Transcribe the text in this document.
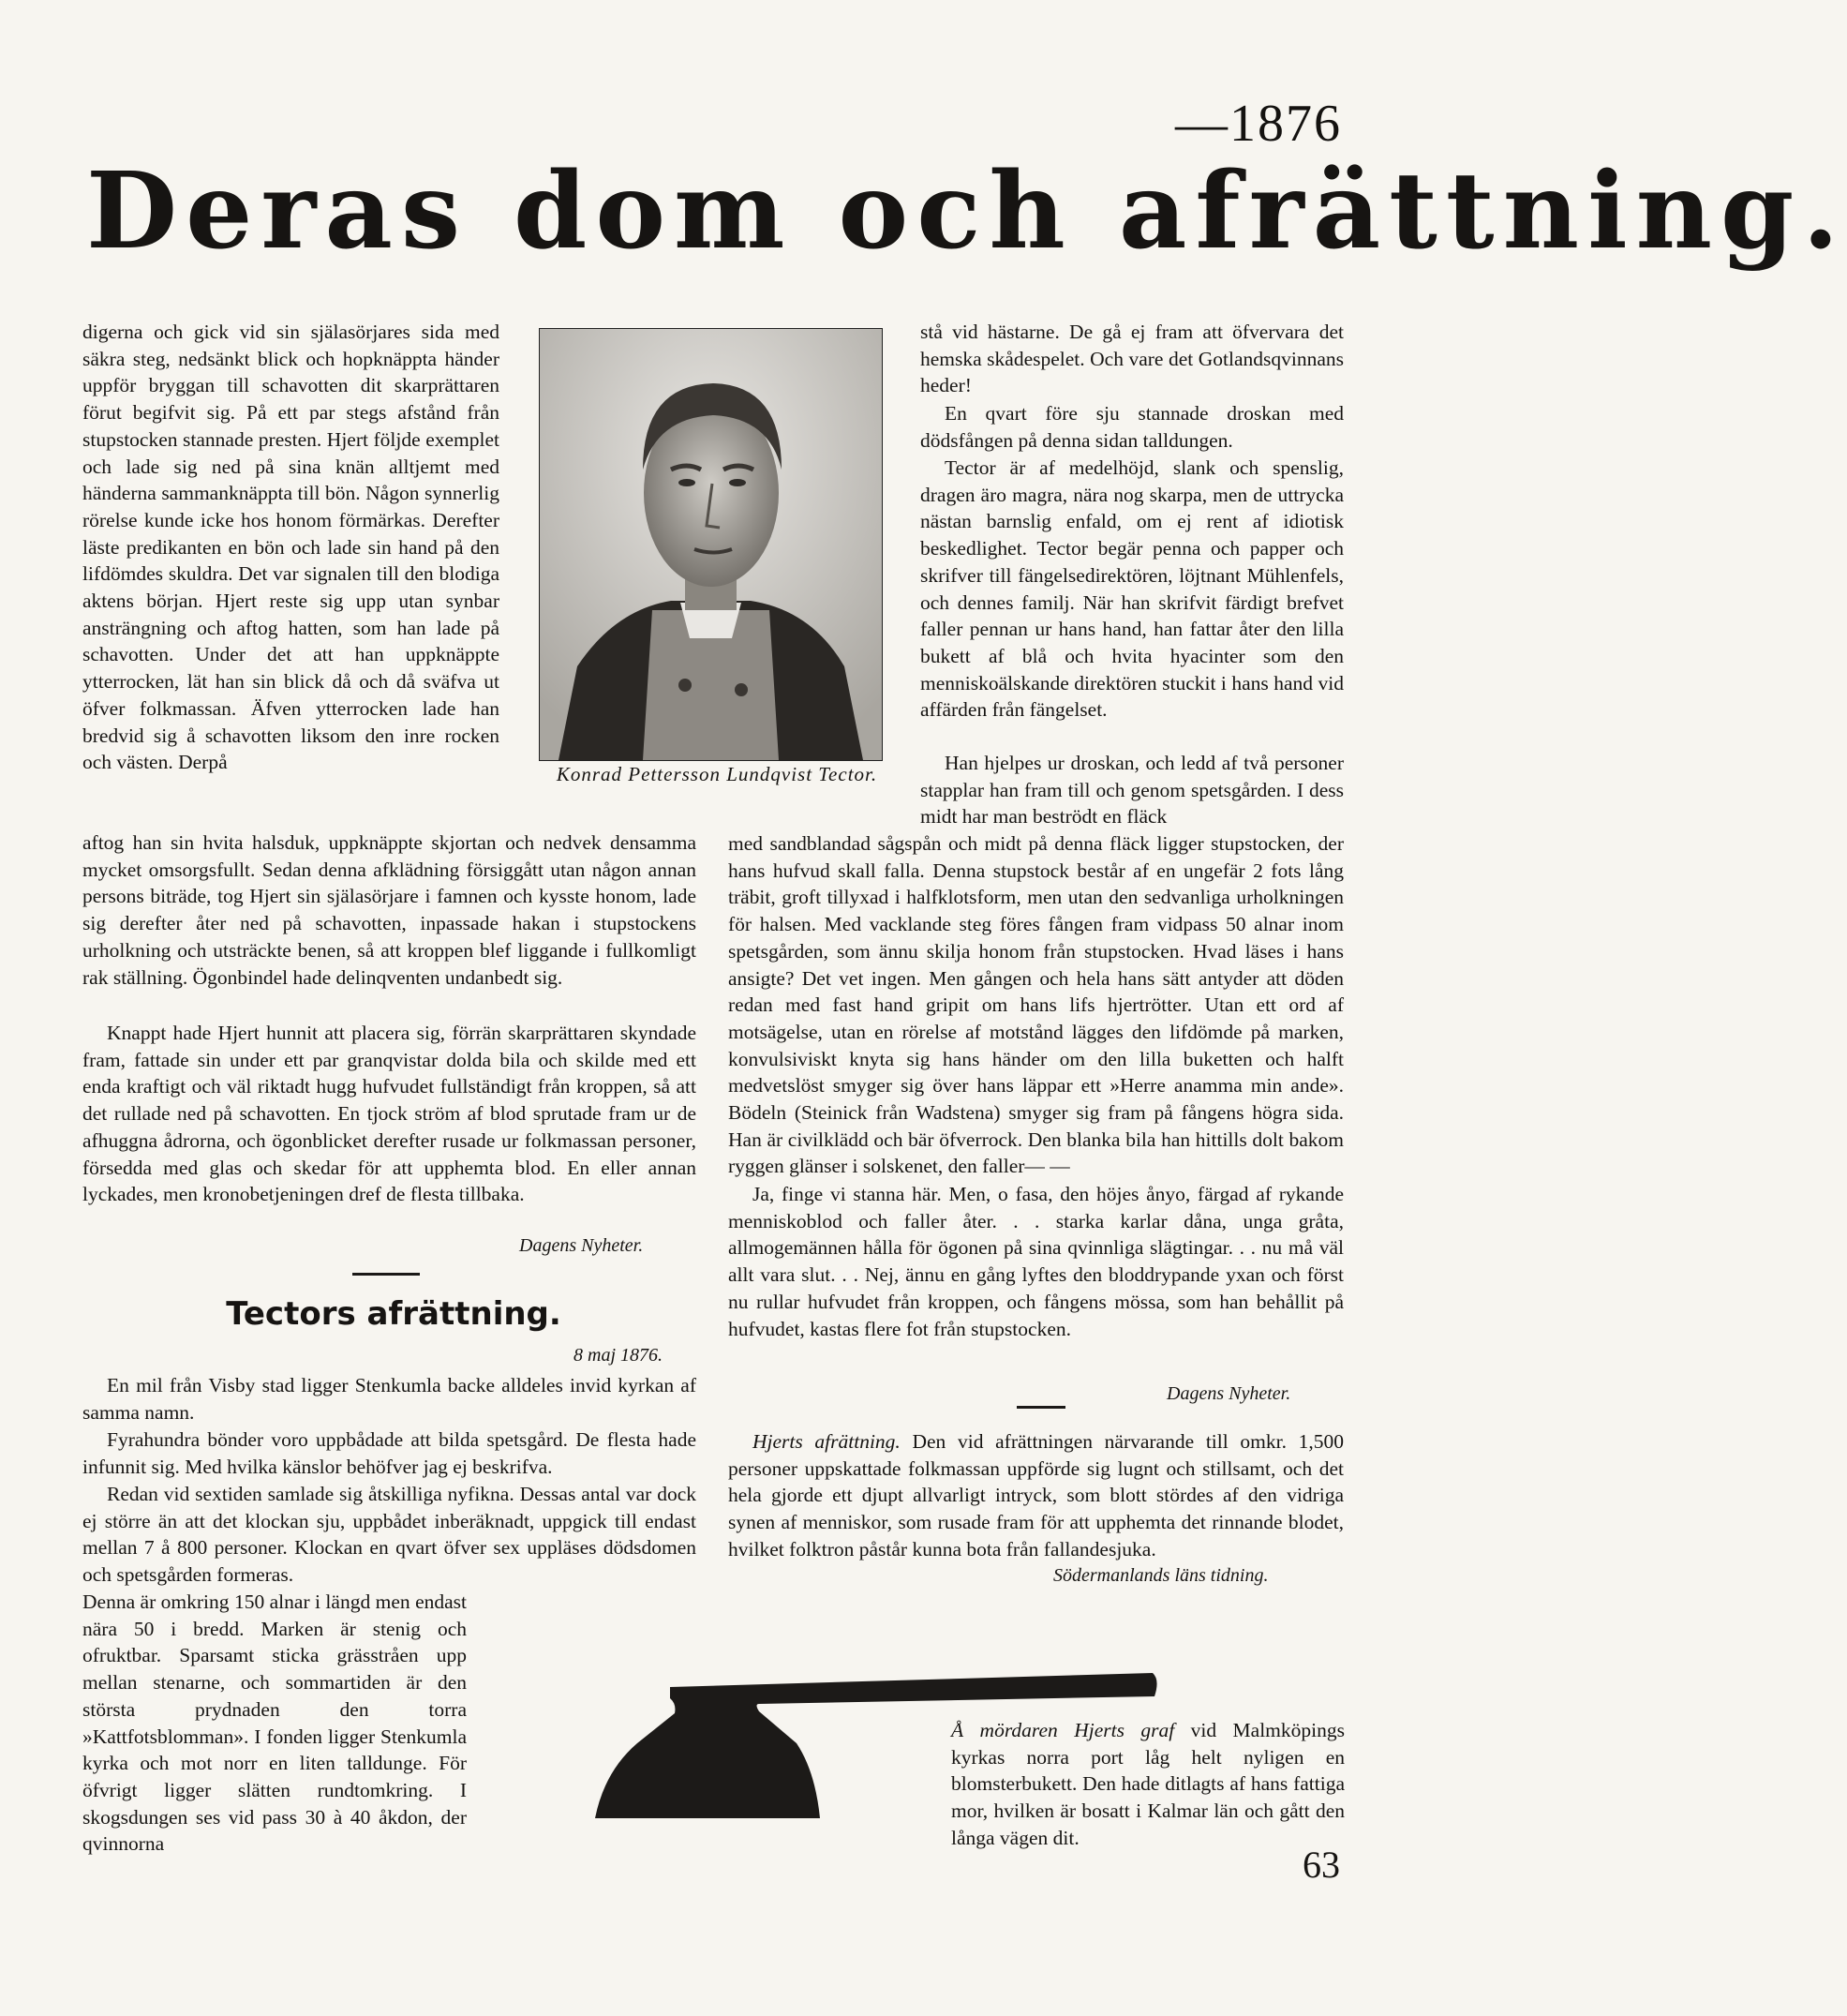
—1876
Deras dom och afrättning.
Konrad Pettersson Lundqvist Tector.

digerna och gick vid sin själasörjares sida med säkra steg, nedsänkt blick och hopknäppta händer uppför bryggan till schavotten dit skarprättaren förut begifvit sig. På ett par stegs afstånd från stupstocken stannade presten. Hjert följde exemplet och lade sig ned på sina knän alltjemt med händerna sammanknäppta till bön. Någon synnerlig rörelse kunde icke hos honom förmärkas. Derefter läste predikanten en bön och lade sin hand på den lifdömdes skuldra. Det var signalen till den blodiga aktens början. Hjert reste sig upp utan synbar ansträngning och aftog hatten, som han lade på schavotten. Under det att han uppknäppte ytterrocken, lät han sin blick då och då sväfva ut öfver folkmassan. Äfven ytterrocken lade han bredvid sig å schavotten liksom den inre rocken och västen. Derpå

aftog han sin hvita halsduk, uppknäppte skjortan och nedvek densamma mycket omsorgsfullt. Sedan denna afklädning försiggått utan någon annan persons biträde, tog Hjert sin själasörjare i famnen och kysste honom, lade sig derefter åter ned på schavotten, inpassade hakan i stupstockens urholkning och utsträckte benen, så att kroppen blef liggande i fullkomligt rak ställning. Ögonbindel hade delinqventen undanbedt sig.

Knappt hade Hjert hunnit att placera sig, förrän skarprättaren skyndade fram, fattade sin under ett par granqvistar dolda bila och skilde med ett enda kraftigt och väl riktadt hugg hufvudet fullständigt från kroppen, så att det rullade ned på schavotten. En tjock ström af blod sprutade fram ur de afhuggna ådrorna, och ögonblicket derefter rusade ur folkmassan personer, försedda med glas och skedar för att upphemta blod. En eller annan lyckades, men kronobetjeningen dref de flesta tillbaka.

Dagens Nyheter.
Tectors afrättning.
8 maj 1876.

En mil från Visby stad ligger Stenkumla backe alldeles invid kyrkan af samma namn.

Fyrahundra bönder voro uppbådade att bilda spetsgård. De flesta hade infunnit sig. Med hvilka känslor behöfver jag ej beskrifva.

Redan vid sextiden samlade sig åtskilliga nyfikna. Dessas antal var dock ej större än att det klockan sju, uppbådet inberäknadt, uppgick till endast mellan 7 å 800 personer. Klockan en qvart öfver sex uppläses dödsdomen och spetsgården formeras.

Denna är omkring 150 alnar i längd men endast nära 50 i bredd. Marken är stenig och ofruktbar. Sparsamt sticka grässtråen upp mellan stenarne, och sommartiden är den största prydnaden den torra »Kattfotsblomman». I fonden ligger Stenkumla kyrka och mot norr en liten talldunge. För öfvrigt ligger slätten rundtomkring. I skogsdungen ses vid pass 30 à 40 åkdon, der qvinnorna

stå vid hästarne. De gå ej fram att öfvervara det hemska skådespelet. Och vare det Gotlandsqvinnans heder!

En qvart före sju stannade droskan med dödsfången på denna sidan talldungen.

Tector är af medelhöjd, slank och spenslig, dragen äro magra, nära nog skarpa, men de uttrycka nästan barnslig enfald, om ej rent af idiotisk beskedlighet. Tector begär penna och papper och skrifver till fängelsedirektören, löjtnant Mühlenfels, och dennes familj. När han skrifvit färdigt brefvet faller pennan ur hans hand, han fattar åter den lilla bukett af blå och hvita hyacinter som den menniskoälskande direktören stuckit i hans hand vid affärden från fängelset.

Han hjelpes ur droskan, och ledd af två personer stapplar han fram till och genom spetsgården. I dess midt har man beströdt en fläck

med sandblandad sågspån och midt på denna fläck ligger stupstocken, der hans hufvud skall falla. Denna stupstock består af en ungefär 2 fots lång träbit, groft tillyxad i halfklotsform, men utan den sedvanliga urholkningen för halsen. Med vacklande steg föres fången fram vidpass 50 alnar inom spetsgården, som ännu skilja honom från stupstocken. Hvad läses i hans ansigte? Det vet ingen. Men gången och hela hans sätt antyder att döden redan med fast hand gripit om hans lifs hjertrötter. Utan ett ord af motsägelse, utan en rörelse af motstånd lägges den lifdömde på marken, konvulsiviskt knyta sig hans händer om den lilla buketten och halft medvetslöst smyger sig över hans läppar ett »Herre anamma min ande». Bödeln (Steinick från Wadstena) smyger sig fram på fångens högra sida. Han är civilklädd och bär öfverrock. Den blanka bila han hittills dolt bakom ryggen glänser i solskenet, den faller— —

Ja, finge vi stanna här. Men, o fasa, den höjes ånyo, färgad af rykande menniskoblod och faller åter. . . starka karlar dåna, unga gråta, allmogemännen hålla för ögonen på sina qvinnliga slägtingar. . . nu må väl allt vara slut. . . Nej, ännu en gång lyftes den bloddrypande yxan och först nu rullar hufvudet från kroppen, och fångens mössa, som han behållit på hufvudet, kastas flere fot från stupstocken.

Dagens Nyheter.

Hjerts afrättning. Den vid afrättningen närvarande till omkr. 1,500 personer uppskattade folkmassan uppförde sig lugnt och stillsamt, och det hela gjorde ett djupt allvarligt intryck, som blott stördes af den vidriga synen af menniskor, som rusade fram för att upphemta det rinnande blodet, hvilket folktron påstår kunna bota från fallandesjuka.

Södermanlands läns tidning.

Å mördaren Hjerts graf vid Malmköpings kyrkas norra port låg helt nyligen en blomsterbukett. Den hade ditlagts af hans fattiga mor, hvilken är bosatt i Kalmar län och gått den långa vägen dit.

63
